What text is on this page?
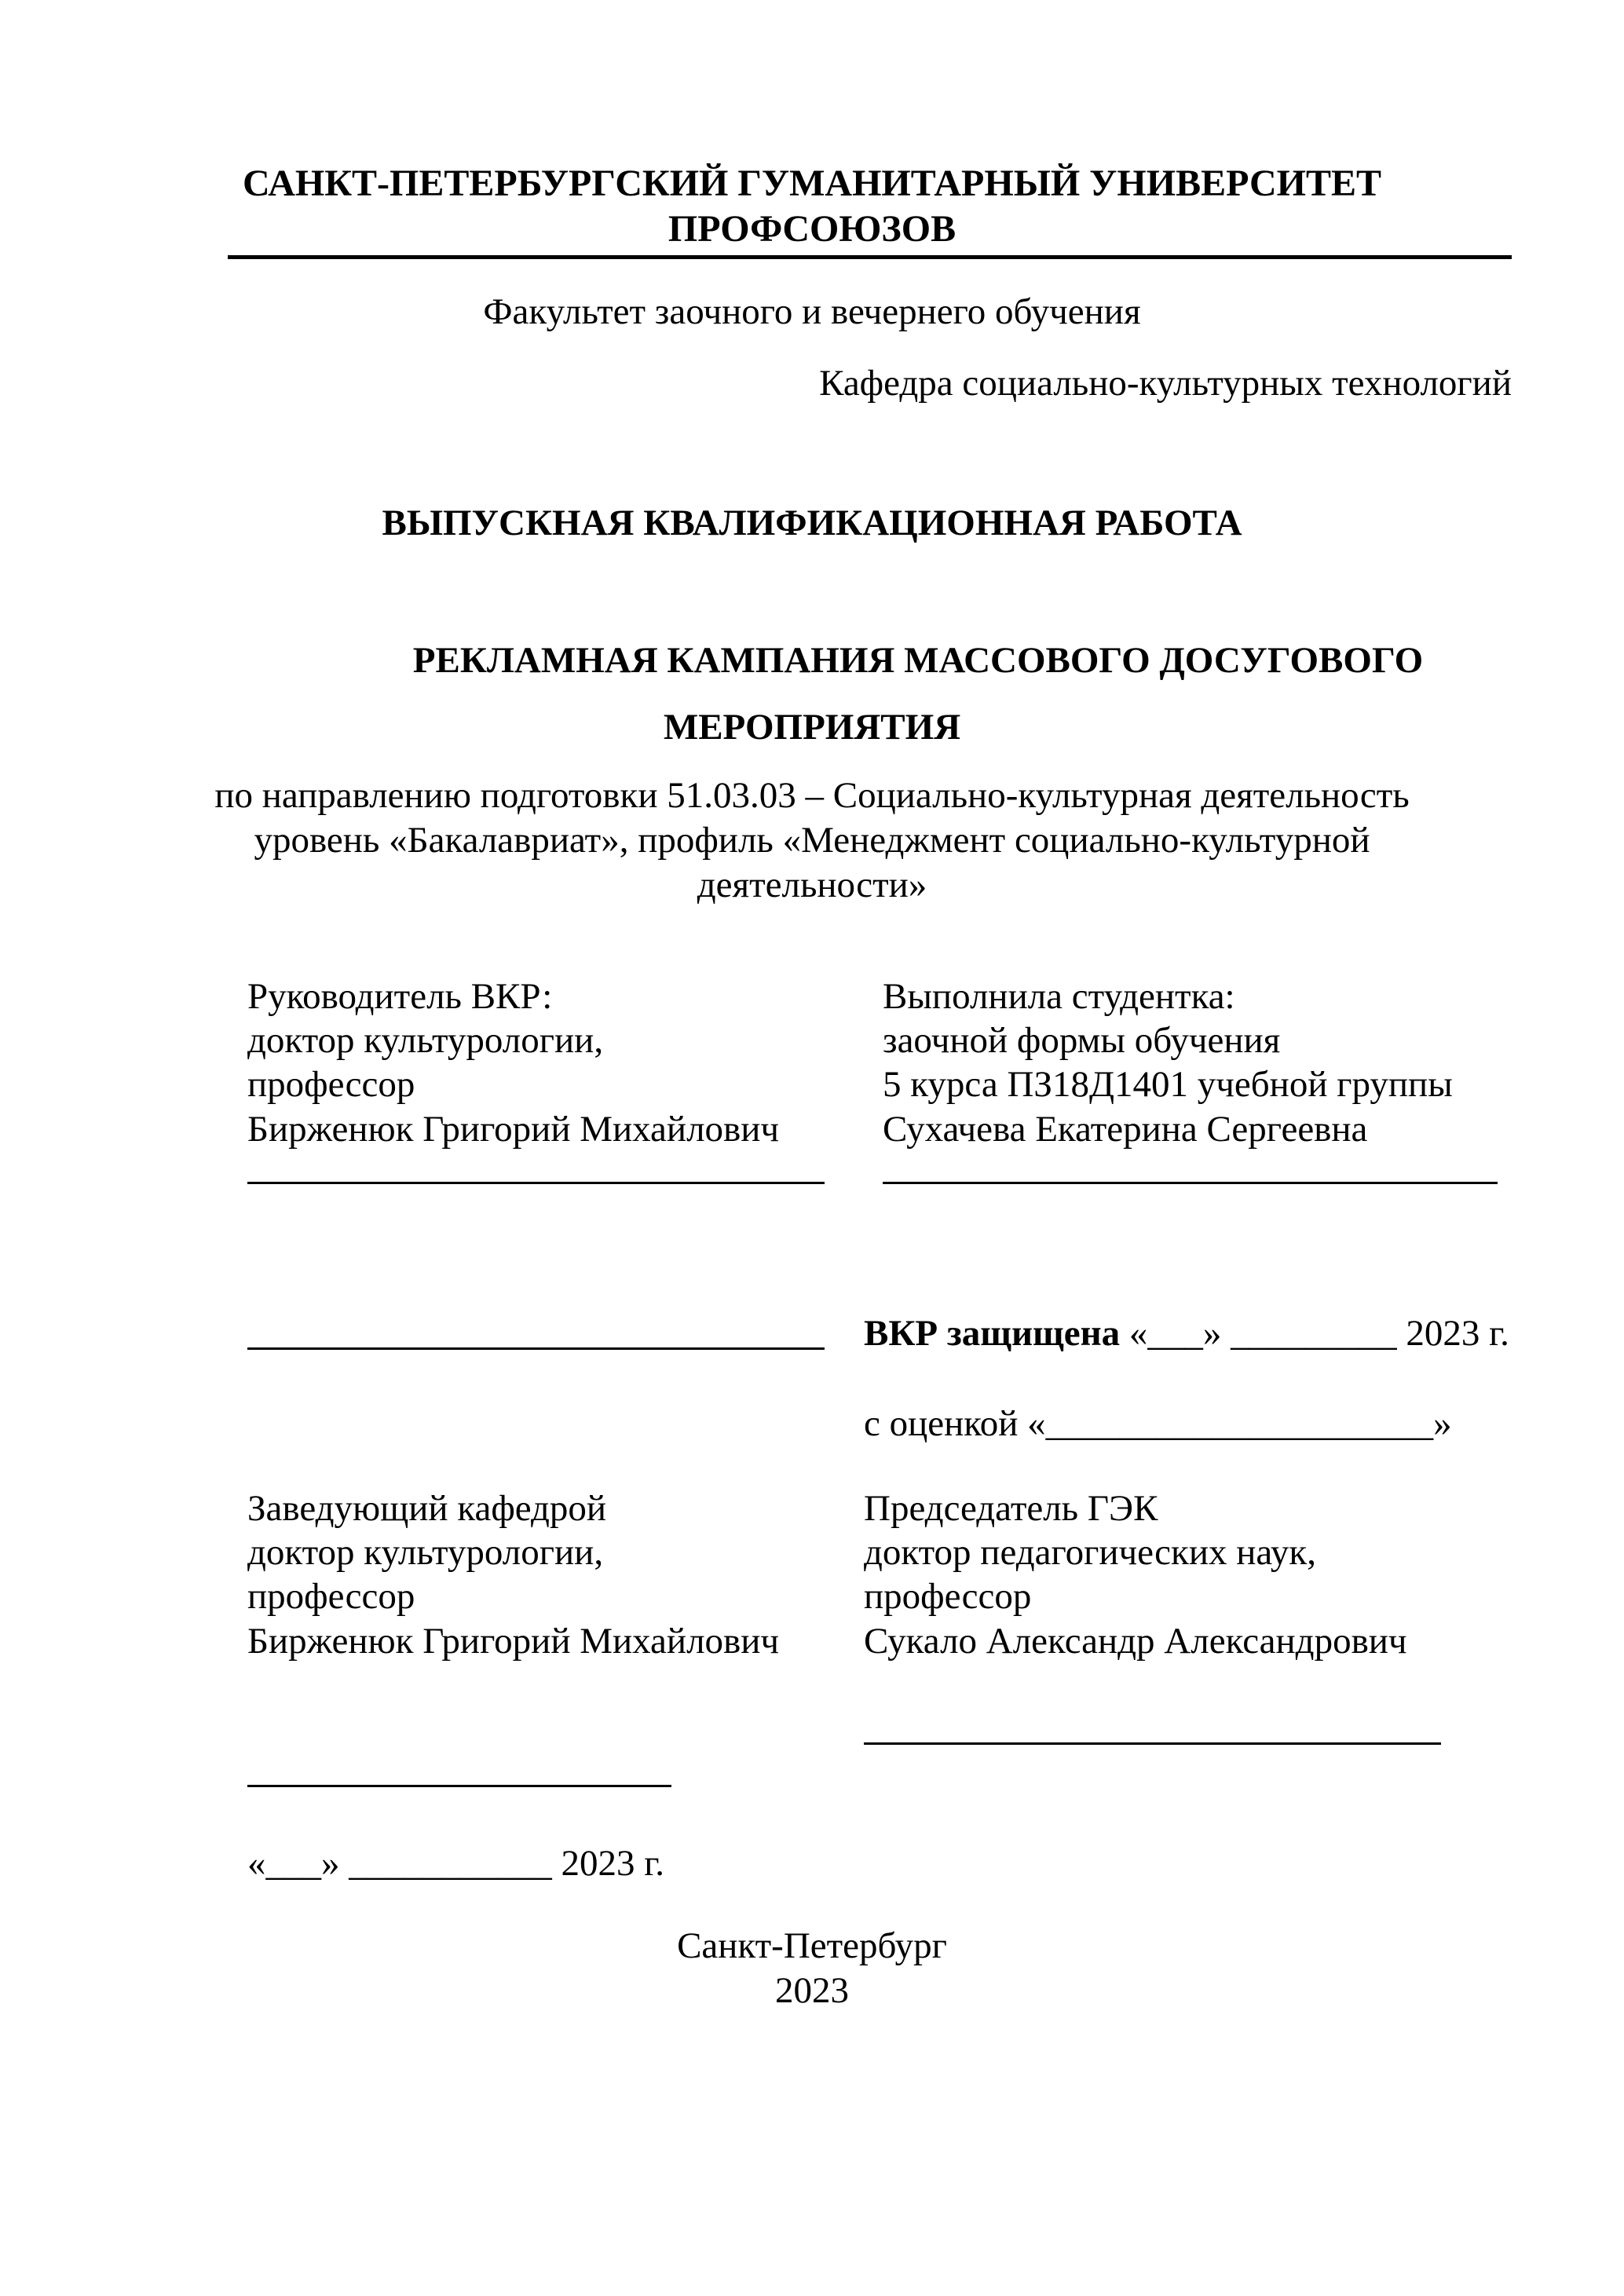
САНКТ-ПЕТЕРБУРГСКИЙ ГУМАНИТАРНЫЙ УНИВЕРСИТЕТ
ПРОФСОЮЗОВ
Факультет заочного и вечернего обучения
Кафедра социально-культурных технологий
ВЫПУСКНАЯ КВАЛИФИКАЦИОННАЯ РАБОТА
РЕКЛАМНАЯ КАМПАНИЯ МАССОВОГО ДОСУГОВОГО
МЕРОПРИЯТИЯ
по направлению подготовки 51.03.03 – Социально-культурная деятельность
уровень «Бакалавриат», профиль «Менеджмент социально-культурной
деятельности»
Руководитель ВКР:
доктор культурологии,
профессор
Бирженюк Григорий Михайлович
Выполнила студентка:
заочной формы обучения
5 курса ПЗ18Д1401 учебной группы
Сухачева Екатерина Сергеевна
ВКР защищена «___» _________ 2023 г.
с оценкой «_____________________»
Заведующий кафедрой
доктор культурологии,
профессор
Бирженюк Григорий Михайлович
«___» ___________ 2023 г.
Председатель ГЭК
доктор педагогических наук,
профессор
Сукало Александр Александрович
Санкт-Петербург
2023
